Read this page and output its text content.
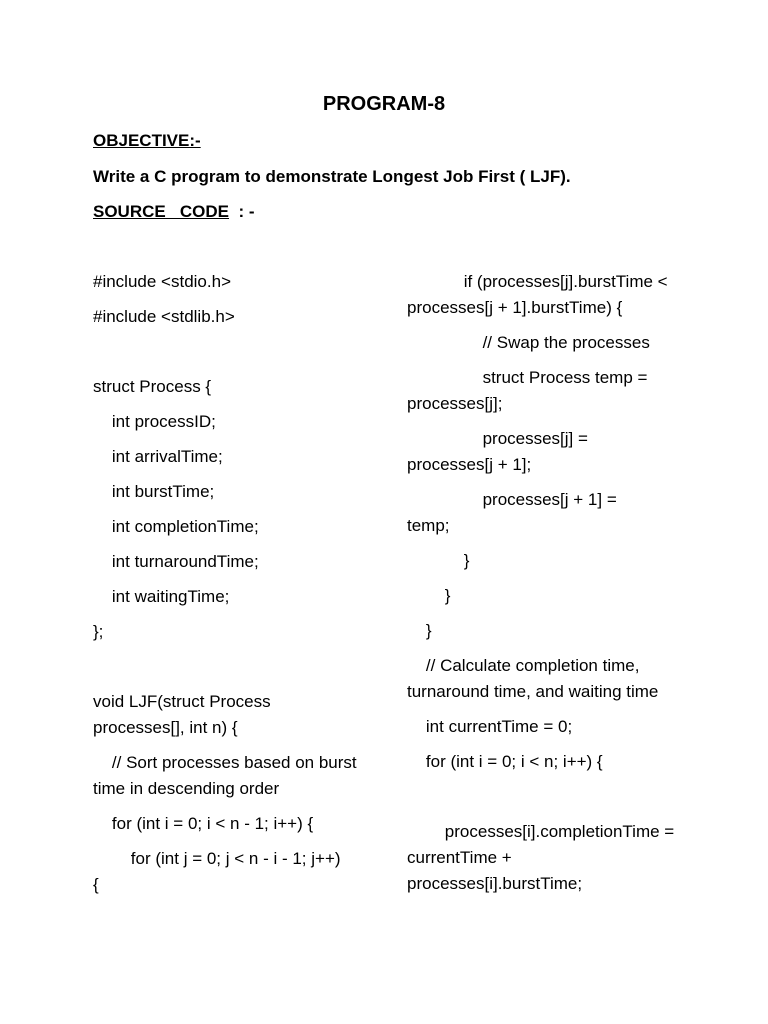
PROGRAM-8
OBJECTIVE:-
Write a C program to demonstrate Longest Job First ( LJF).
SOURCE   CODE  : -
#include <stdio.h>
#include <stdlib.h>
struct Process {
int processID;
int arrivalTime;
int burstTime;
int completionTime;
int turnaroundTime;
int waitingTime;
};
void LJF(struct Process processes[], int n) {
// Sort processes based on burst time in descending order
for (int i = 0; i < n - 1; i++) {
for (int j = 0; j < n - i - 1; j++) {
if (processes[j].burstTime < processes[j + 1].burstTime) {
// Swap the processes
struct Process temp = processes[j];
processes[j] = processes[j + 1];
processes[j + 1] = temp;
}
}
}
// Calculate completion time, turnaround time, and waiting time
int currentTime = 0;
for (int i = 0; i < n; i++) {
processes[i].completionTime = currentTime + processes[i].burstTime;
